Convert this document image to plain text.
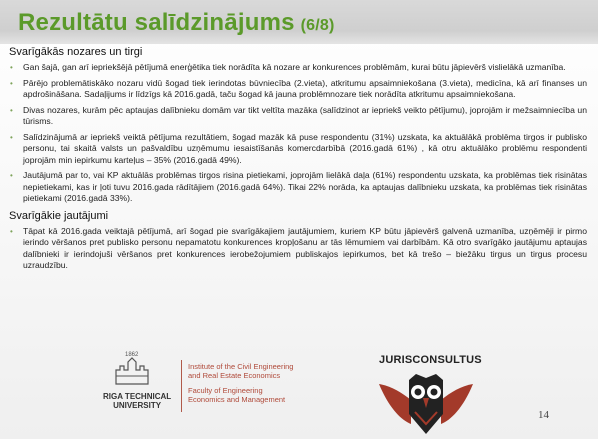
Rezultātu salīdzinājums (6/8)
Svarīgākās nozares un tirgi
• Gan šajā, gan arī iepriekšējā pētījumā enerģētika tiek norādīta kā nozare ar konkurences problēmām, kurai būtu jāpievērš vislielākā uzmanība.
• Pārējo problemātiskāko nozaru vidū šogad tiek ierindotas būvniecība (2.vieta), atkritumu apsaimniekošana (3.vieta), medicīna, kā arī finanses un apdrošināšana. Sadaļijums ir līdzīgs kā 2016.gadā, taču šogad kā jauna problēmnozare tiek norādīta atkritumu apsaimniekošana.
• Divas nozares, kurām pēc aptaujas dalībnieku domām var tikt veltīta mazāka (salīdzinot ar iepriekš veikto pētījumu), joprojām ir mežsaimniecība un tūrisms.
• Salīdzinājumā ar iepriekš veiktā pētījuma rezultātiem, šogad mazāk kā puse respondentu (31%) uzskata, ka aktuālākā problēma tirgos ir publisko personu, tai skaitā valsts un pašvaldību uzņēmumu iesaistīšanās komercdarbībā (2016.gadā 61%) , kā otru aktuālāko problēmu respondenti joprojām min iepirkumu karteļus – 35% (2016.gadā 49%).
• Jautājumā par to, vai KP aktuālās problēmas tirgos risina pietiekami, joprojām lielākā daļa (61%) respondentu uzskata, ka problēmas tiek risinātas nepietiekami, kas ir ļoti tuvu 2016.gada rādītājiem (2016.gadā 64%). Tikai 22% norāda, ka aptaujas dalībnieku uzskata, ka problēmas tiek risinātas pietiekami (2016.gadā 33%).
Svarīgākie jautājumi
• Tāpat kā 2016.gada veiktajā pētījumā, arī šogad pie svarīgākajiem jautājumiem, kuriem KP būtu jāpievērš galvenā uzmanība, uzņēmēji ir pirmo ierindo vēršanos pret publisko personu nepamatotu konkurences kropļošanu ar tās lēmumiem vai darbībām. Kā otro svarīgāko jautājumu aptaujas dalībnieki ir ierindojuši vēršanos pret konkurences ierobežojumiem publiskajos iepirkumos, bet kā trešo – biežāku tirgus un tirgus procesu uzraudzību.
1862
RIGA TECHNICAL
UNIVERSITY
Institute of the Civil Engineering
and Real Estate Economics
Faculty of Engineering
Economics and Management
JURISCONSULTUS
14
